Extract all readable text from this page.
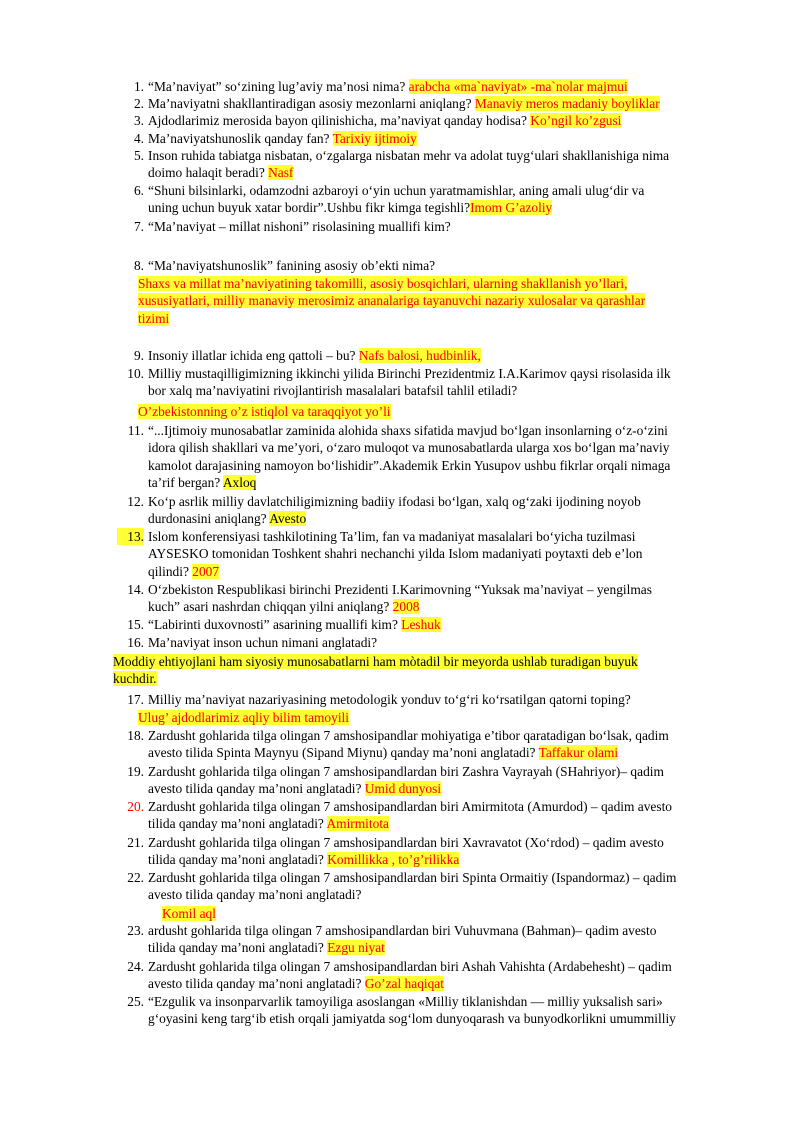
1. “Ma’naviyat” so‘zining lug’aviy ma’nosi nima? arabcha «ma`naviyat» -ma`nolar majmui
2. Ma’naviyatni shakllantiradigan asosiy mezonlarni aniqlang? Manaviy meros madaniy boyliklar
3. Ajdodlarimiz merosida bayon qilinishicha, ma’naviyat qanday hodisa? Ko’ngil ko’zgusi
4. Ma’naviyatshunoslik qanday fan? Tarixiy ijtimoiy
5. Inson ruhida tabiatga nisbatan, o‘zgalarga nisbatan mehr va adolat tuyg‘ulari shakllanishiga nima
doimo halaqit beradi? Nasf
6. “Shuni bilsinlarki, odamzodni azbaroyi o‘yin uchun yaratmamishlar, aning amali ulug‘dir va
uning uchun buyuk xatar bordir”.Ushbu fikr kimga tegishli?Imom G’azoliy
7. “Ma’naviyat – millat nishoni” risolasining muallifi kim?
8. “Ma’naviyatshunoslik” fanining asosiy ob’ekti nima?
Shaxs va millat ma’naviyatining takomilli, asosiy bosqichlari, ularning shakllanish yo’llari,
xususiyatlari, milliy manaviy merosimiz ananalariga tayanuvchi nazariy xulosalar va qarashlar
tizimi
9. Insoniy illatlar ichida eng qattoli – bu? Nafs balosi, hudbinlik,
10. Milliy mustaqilligimizning ikkinchi yilida Birinchi Prezidentmiz I.A.Karimov qaysi risolasida ilk
bor xalq ma’naviyatini rivojlantirish masalalari batafsil tahlil etiladi?
O’zbekistonning o’z istiqlol va taraqqiyot yo’li
11. “...Ijtimoiy munosabatlar zaminida alohida shaxs sifatida mavjud bo‘lgan insonlarning o‘z-o‘zini
idora qilish shakllari va me’yori, o‘zaro muloqot va munosabatlarda ularga xos bo‘lgan ma’naviy
kamolot darajasining namoyon bo‘lishidir”.Akademik Erkin Yusupov ushbu fikrlar orqali nimaga
ta’rif bergan? Axloq
12. Ko‘p asrlik milliy davlatchiligimizning badiiy ifodasi bo‘lgan, xalq og‘zaki ijodining noyob
durdonasini aniqlang? Avesto
13. Islom konferensiyasi tashkilotining Ta’lim, fan va madaniyat masalalari bo‘yicha tuzilmasi
AYSESKO tomonidan Toshkent shahri nechanchi yilda Islom madaniyati poytaxti deb e’lon
qilindi? 2007
14. O‘zbekiston Respublikasi birinchi Prezidenti I.Karimovning “Yuksak ma’naviyat – yengilmas
kuch” asari nashrdan chiqqan yilni aniqlang? 2008
15. “Labirinti duxovnosti” asarining muallifi kim? Leshuk
16. Ma’naviyat inson uchun nimani anglatadi?
Moddiy ehtiyojlani ham siyosiy munosabatlarni ham mòtadil bir meyorda ushlab turadigan buyuk
kuchdir.
17. Milliy ma’naviyat nazariyasining metodologik yonduv to‘g‘ri ko‘rsatilgan qatorni toping?
Ulug’ ajdodlarimiz aqliy bilim tamoyili
18. Zardusht gohlarida tilga olingan 7 amshosipandlar mohiyatiga e’tibor qaratadigan bo‘lsak, qadim
avesto tilida Spinta Maynyu (Sipand Miynu) qanday ma’noni anglatadi? Taffakur olami
19. Zardusht gohlarida tilga olingan 7 amshosipandlardan biri Zashra Vayrayah (SHahriyor)– qadim
avesto tilida qanday ma’noni anglatadi? Umid dunyosi
20. Zardusht gohlarida tilga olingan 7 amshosipandlardan biri Amirmitota (Amurdod) – qadim avesto
tilida qanday ma’noni anglatadi? Amirmitota
21. Zardusht gohlarida tilga olingan 7 amshosipandlardan biri Xavravatot (Xo‘rdod) – qadim avesto
tilida qanday ma’noni anglatadi? Komillikka , to’g’rilikka
22. Zardusht gohlarida tilga olingan 7 amshosipandlardan biri Spinta Ormaitiy (Ispandormaz) – qadim
avesto tilida qanday ma’noni anglatadi?
Komil aql
23. ardusht gohlarida tilga olingan 7 amshosipandlardan biri Vuhuvmana (Bahman)– qadim avesto
tilida qanday ma’noni anglatadi? Ezgu niyat
24. Zardusht gohlarida tilga olingan 7 amshosipandlardan biri Ashah Vahishta (Ardabehesht) – qadim
avesto tilida qanday ma’noni anglatadi? Go’zal haqiqat
25. “Ezgulik va insonparvarlik tamoyiliga asoslangan «Milliy tiklanishdan — milliy yuksalish sari»
g‘oyasini keng targ‘ib etish orqali jamiyatda sog‘lom dunyoqarash va bunyodkorlikni umummilliy
